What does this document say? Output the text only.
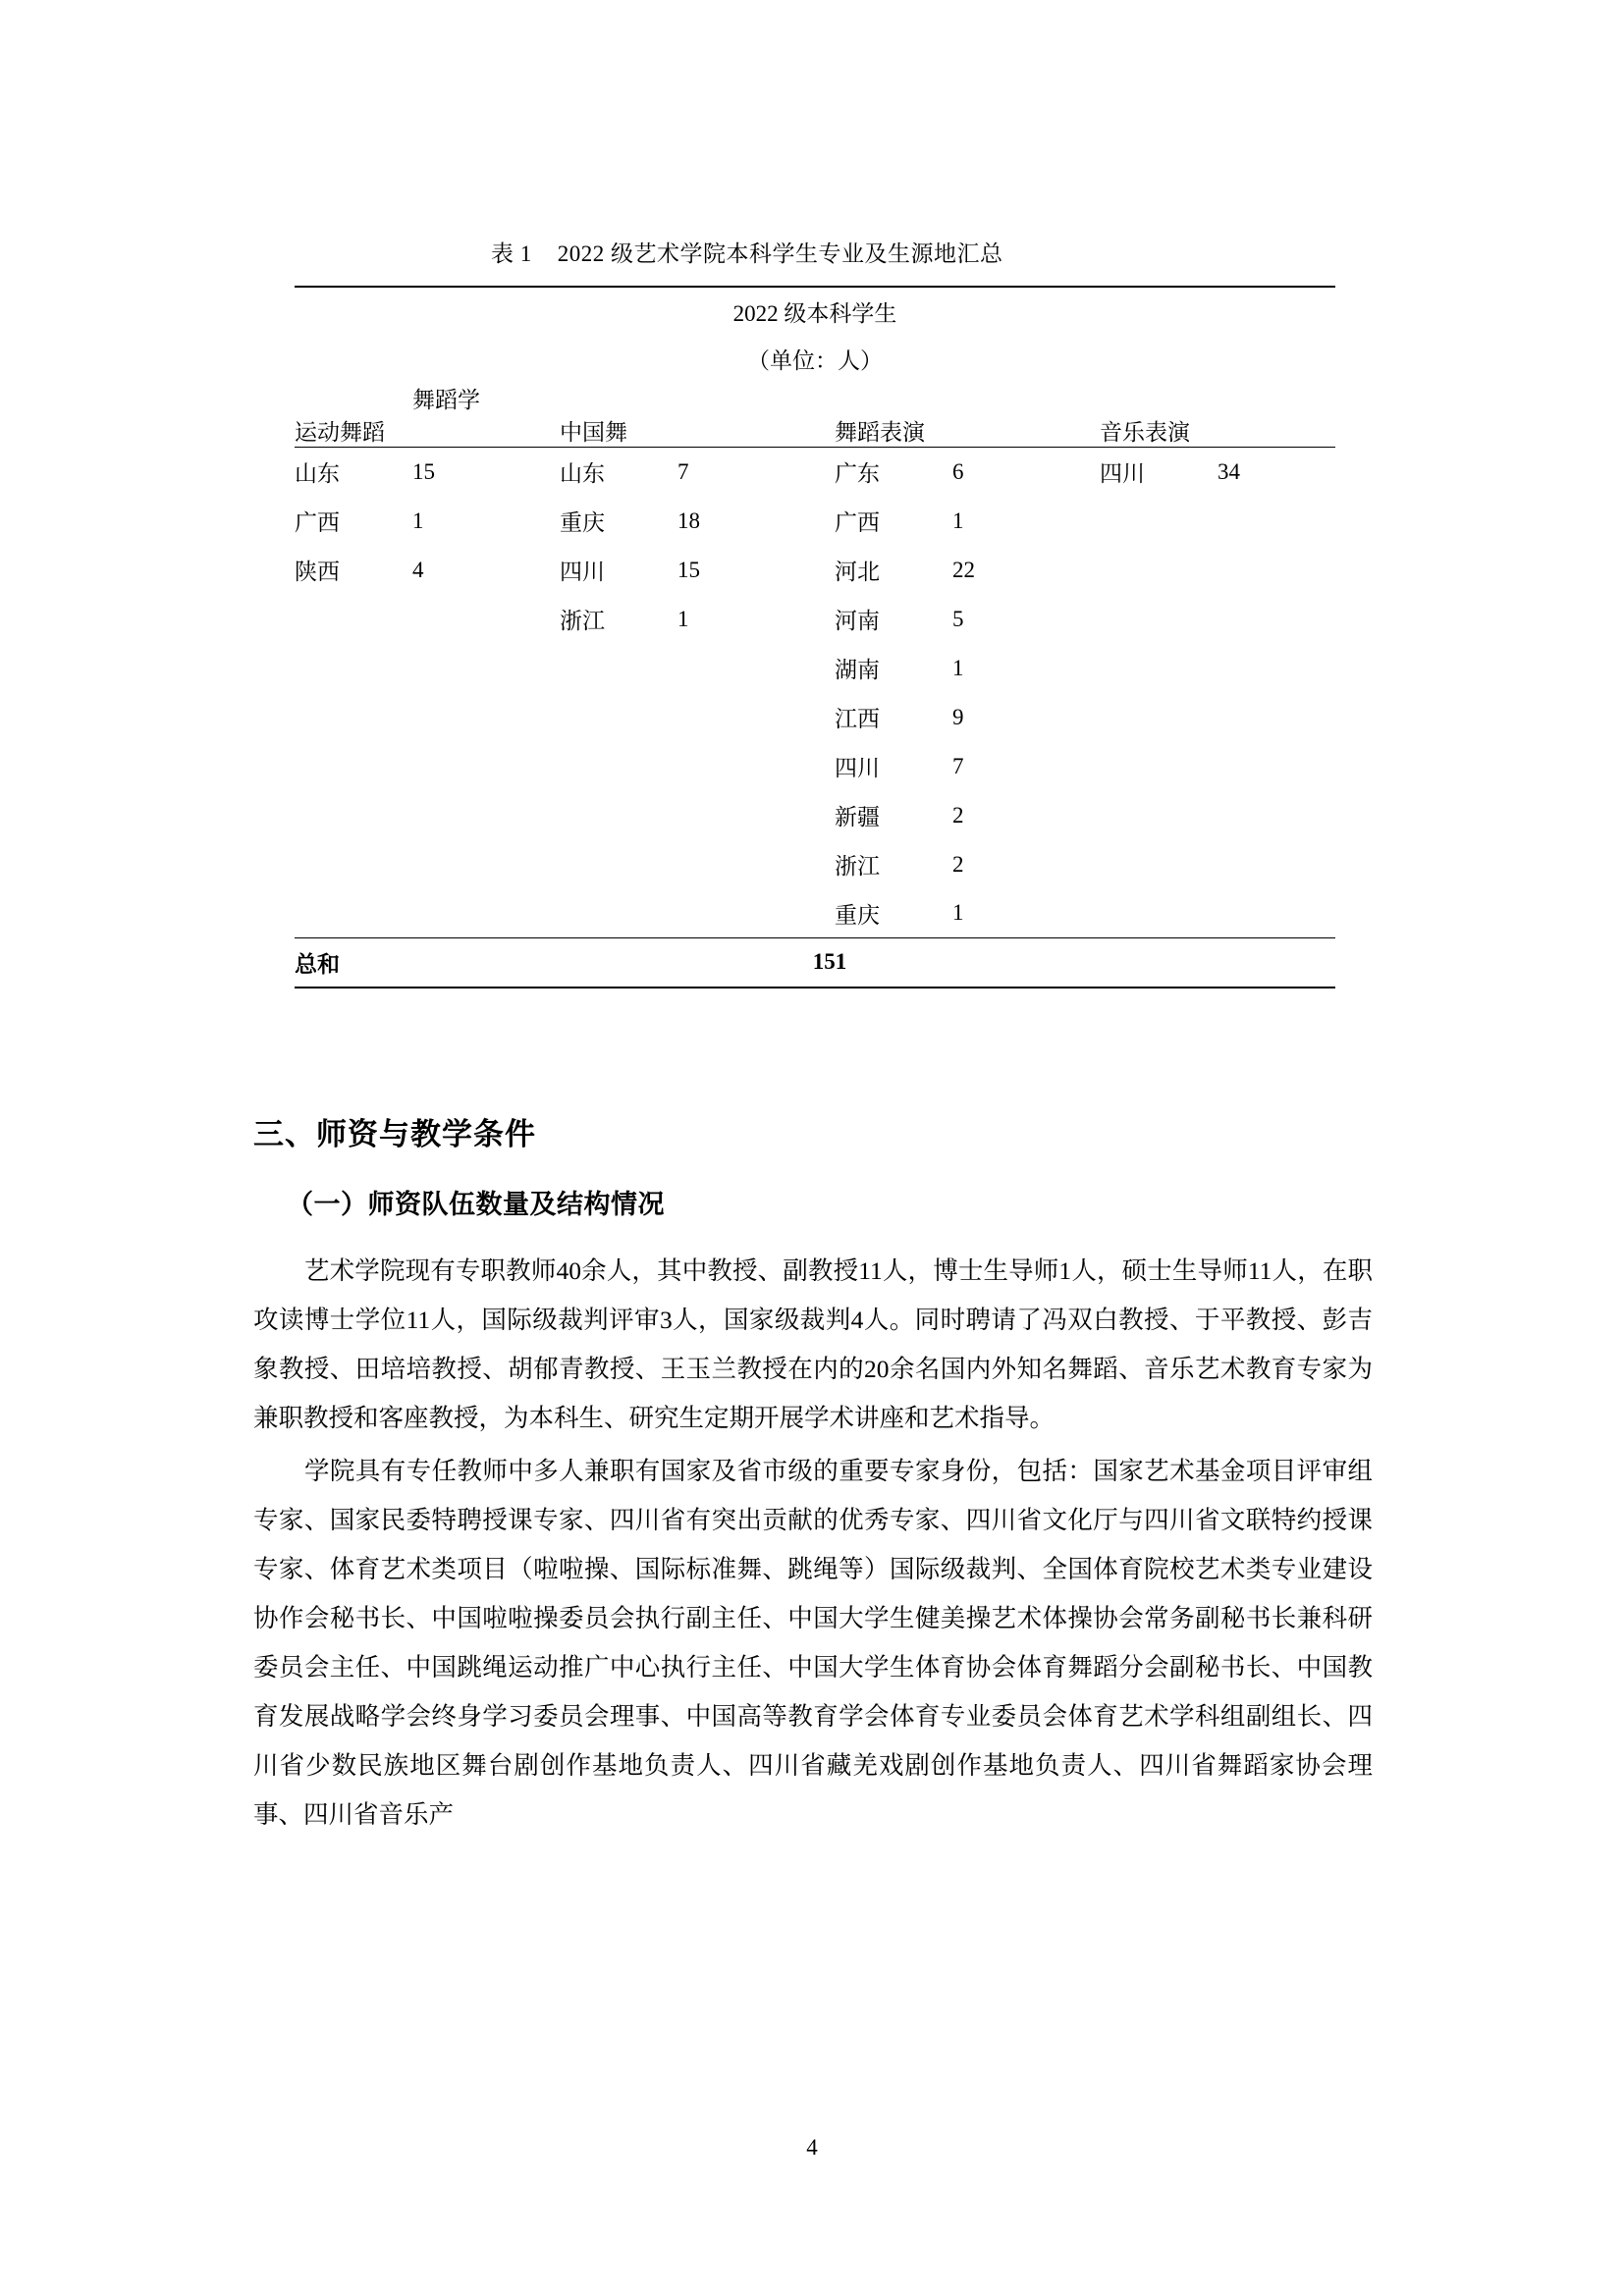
表 1 2022 级艺术学院本科学生专业及生源地汇总
2022 级本科学生							
（单位：人）							
	舞蹈学						
运动舞蹈		中国舞		舞蹈表演		音乐表演	
山东	15	山东	7	广东	6	四川	34
广西	1	重庆	18	广西	1		
陕西	4	四川	15	河北	22		
		浙江	1	河南	5		
				湖南	1		
				江西	9		
				四川	7		
				新疆	2		
				浙江	2		
				重庆	1		
总和		151					
三、师资与教学条件
（一）师资队伍数量及结构情况

艺术学院现有专职教师40余人，其中教授、副教授11人，博士生导师1人，硕士生导师11人，在职攻读博士学位11人，国际级裁判评审3人，国家级裁判4人。同时聘请了冯双白教授、于平教授、彭吉象教授、田培培教授、胡郁青教授、王玉兰教授在内的20余名国内外知名舞蹈、音乐艺术教育专家为兼职教授和客座教授，为本科生、研究生定期开展学术讲座和艺术指导。

学院具有专任教师中多人兼职有国家及省市级的重要专家身份，包括：国家艺术基金项目评审组专家、国家民委特聘授课专家、四川省有突出贡献的优秀专家、四川省文化厅与四川省文联特约授课专家、体育艺术类项目（啦啦操、国际标准舞、跳绳等）国际级裁判、全国体育院校艺术类专业建设协作会秘书长、中国啦啦操委员会执行副主任、中国大学生健美操艺术体操协会常务副秘书长兼科研委员会主任、中国跳绳运动推广中心执行主任、中国大学生体育协会体育舞蹈分会副秘书长、中国教育发展战略学会终身学习委员会理事、中国高等教育学会体育专业委员会体育艺术学科组副组长、四川省少数民族地区舞台剧创作基地负责人、四川省藏羌戏剧创作基地负责人、四川省舞蹈家协会理事、四川省音乐产

4
